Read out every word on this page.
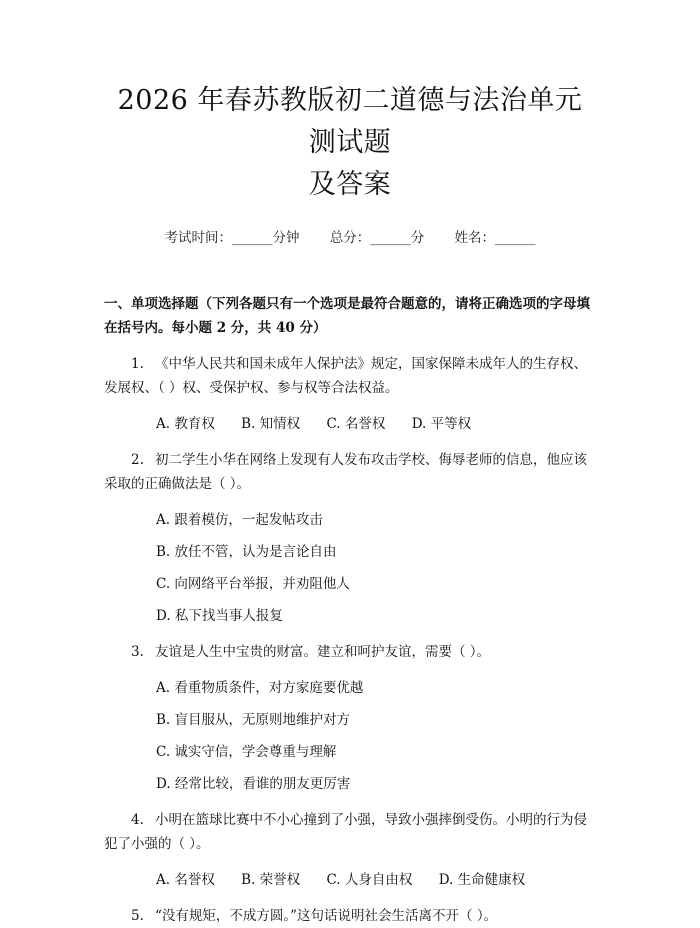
2026 年春苏教版初二道德与法治单元测试题
及答案
考试时间：______分钟 总分：______分 姓名：______
一、单项选择题（下列各题只有一个选项是最符合题意的，请将正确选项的字母填在括号内。每小题 2 分，共 40 分）
1. 《中华人民共和国未成年人保护法》规定，国家保障未成年人的生存权、发展权、（ ）权、受保护权、参与权等合法权益。
A. 教育权 B. 知情权 C. 名誉权 D. 平等权
2. 初二学生小华在网络上发现有人发布攻击学校、侮辱老师的信息，他应该采取的正确做法是（ ）。
A. 跟着模仿，一起发帖攻击
B. 放任不管，认为是言论自由
C. 向网络平台举报，并劝阻他人
D. 私下找当事人报复
3. 友谊是人生中宝贵的财富。建立和呵护友谊，需要（ ）。
A. 看重物质条件，对方家庭要优越
B. 盲目服从，无原则地维护对方
C. 诚实守信，学会尊重与理解
D. 经常比较，看谁的朋友更厉害
4. 小明在篮球比赛中不小心撞到了小强，导致小强摔倒受伤。小明的行为侵犯了小强的（ ）。
A. 名誉权 B. 荣誉权 C. 人身自由权 D. 生命健康权
5. “没有规矩，不成方圆。”这句话说明社会生活离不开（ ）。
